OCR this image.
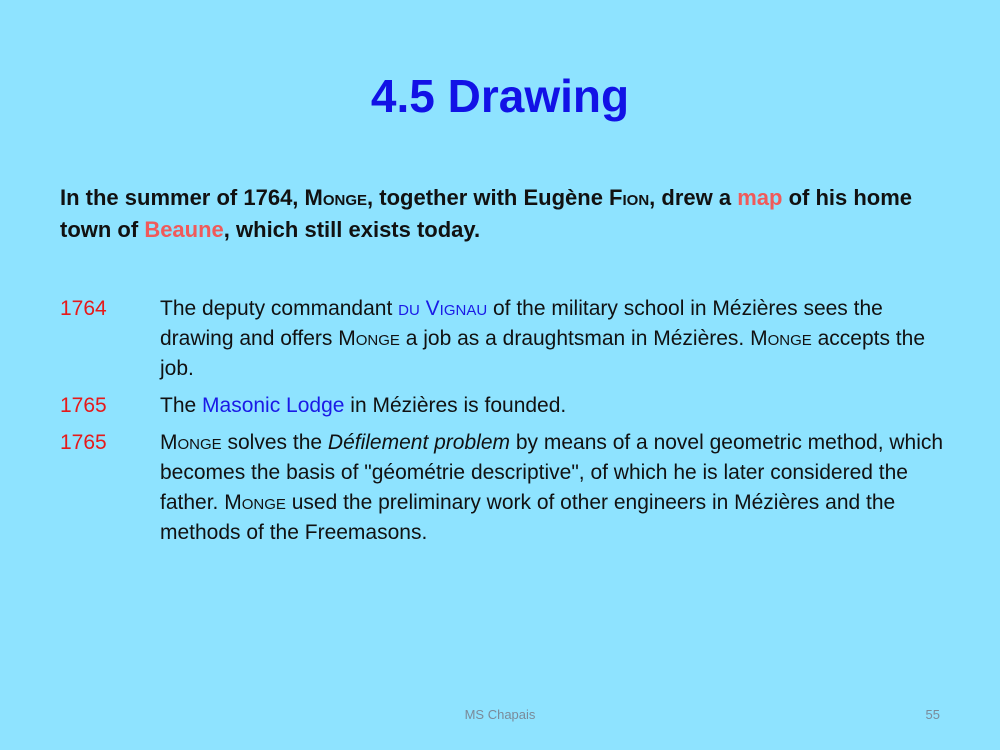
4.5 Drawing
In the summer of 1764, Monge, together with Eugène Fion, drew a map of his home town of Beaune, which still exists today.
1764	The deputy commandant du Vignau of the military school in Mézières sees the drawing and offers Monge a job as a draughtsman in Mézières. Monge accepts the job.
1765	The Masonic Lodge in Mézières is founded.
1765	Monge solves the Défilement problem by means of a novel geometric method, which becomes the basis of "géométrie descriptive", of which he is later considered the father. Monge used the preliminary work of other engineers in Mézières and the methods of the Freemasons.
MS Chapais	55
